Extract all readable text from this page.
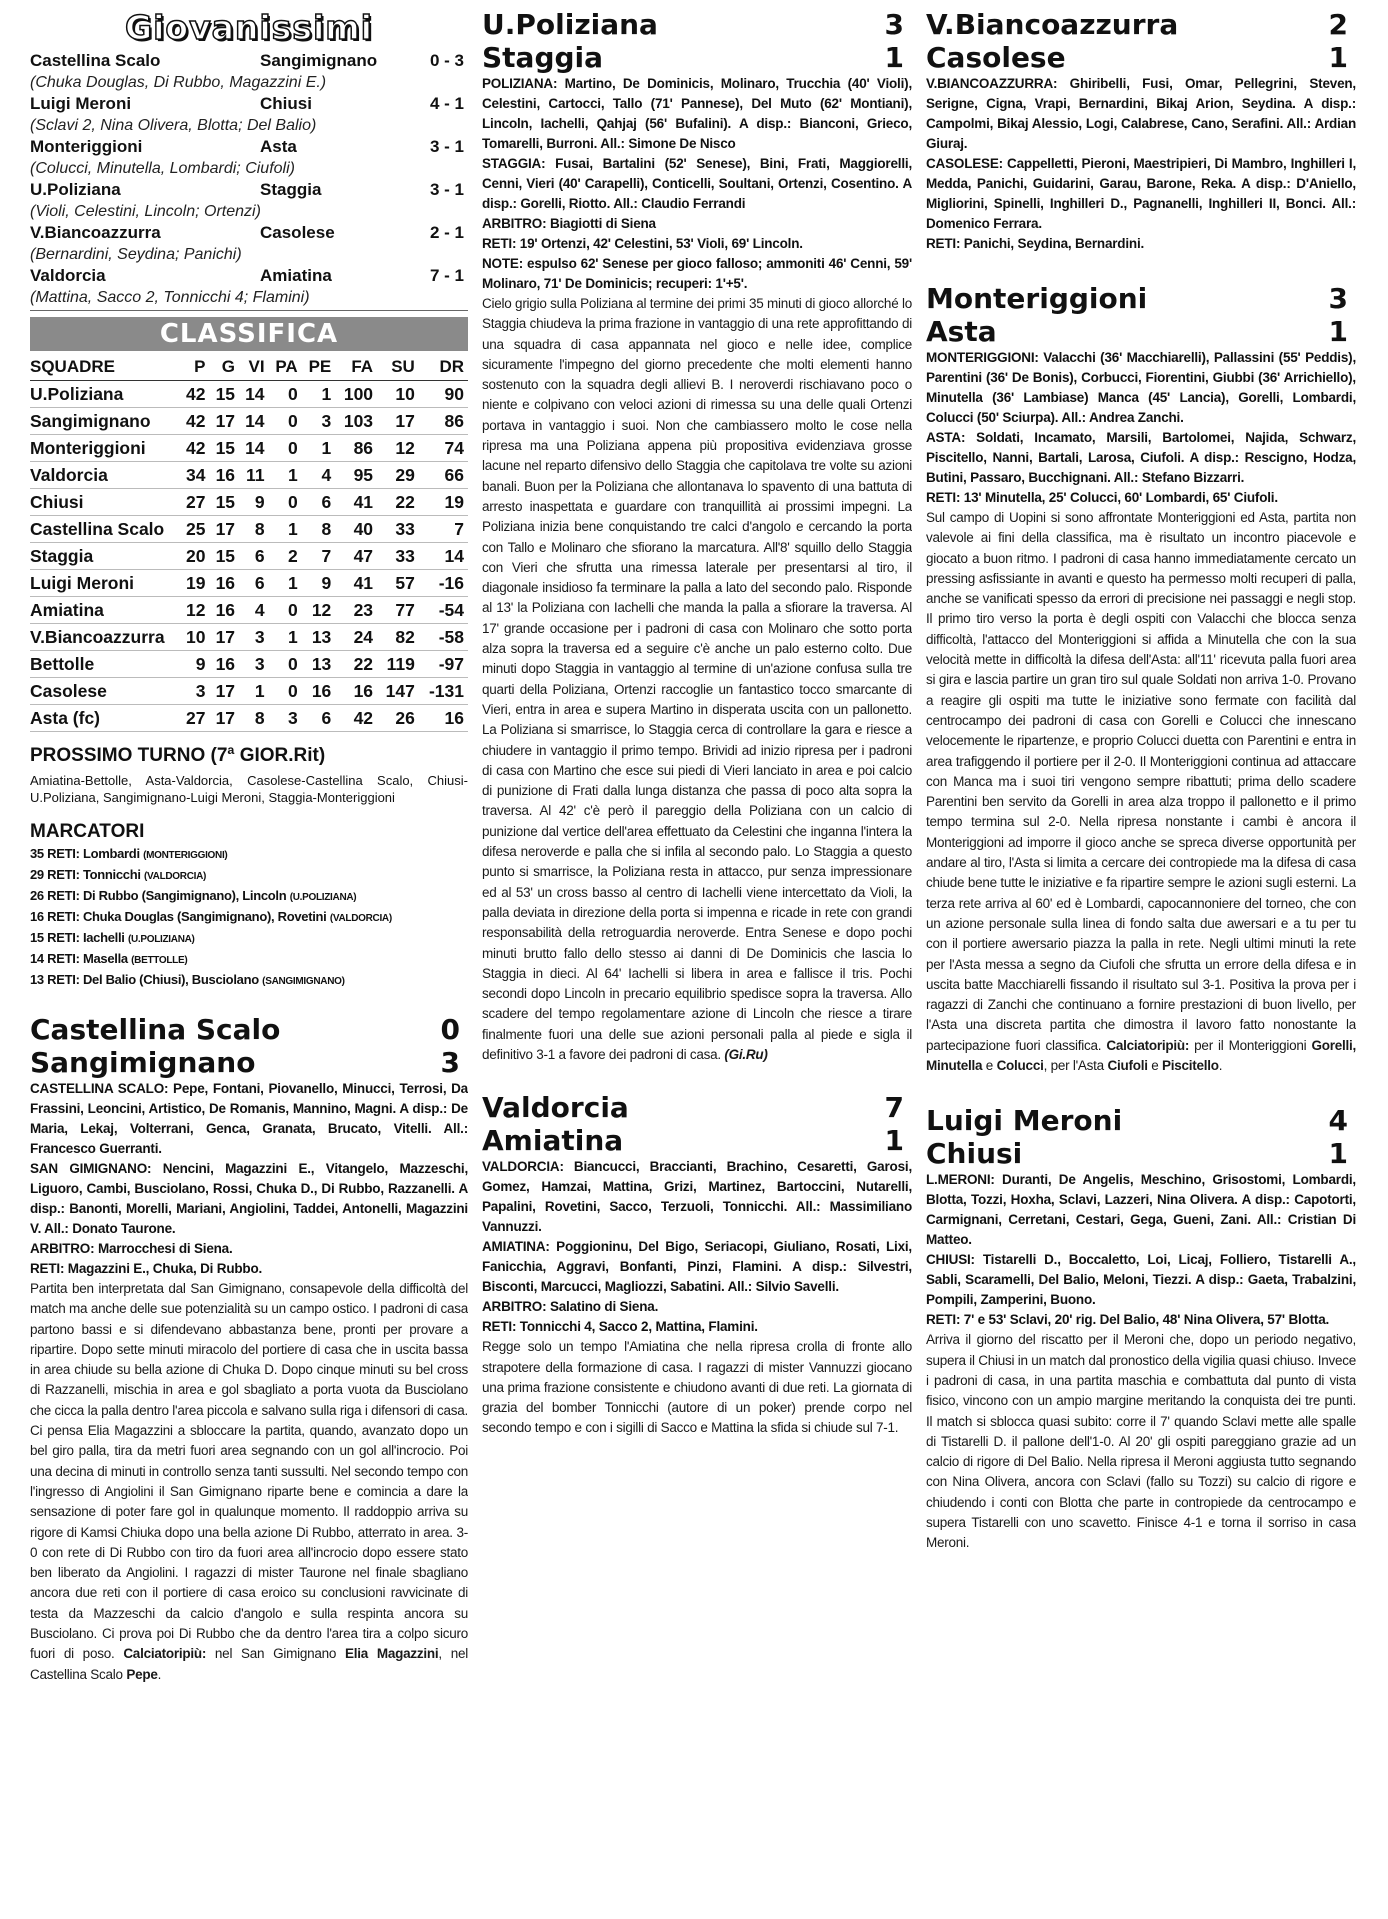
Giovanissimi
Castellina Scalo	Sangimignano	0 - 3
(Chuka Douglas, Di Rubbo, Magazzini E.)
Luigi Meroni	Chiusi	4 - 1
(Sclavi 2, Nina Olivera, Blotta; Del Balio)
Monteriggioni	Asta	3 - 1
(Colucci, Minutella, Lombardi; Ciufoli)
U.Poliziana	Staggia	3 - 1
(Violi, Celestini, Lincoln; Ortenzi)
V.Biancoazzurra	Casolese	2 - 1
(Bernardini, Seydina; Panichi)
Valdorcia	Amiatina	7 - 1
(Mattina, Sacco 2, Tonnicchi 4; Flamini)
CLASSIFICA
SQUADRE	P	G	VI	PA	PE	FA	SU	DR
U.Poliziana	42	15	14	0	1	100	10	90
Sangimignano	42	17	14	0	3	103	17	86
Monteriggioni	42	15	14	0	1	86	12	74
Valdorcia	34	16	11	1	4	95	29	66
Chiusi	27	15	9	0	6	41	22	19
Castellina Scalo	25	17	8	1	8	40	33	7
Staggia	20	15	6	2	7	47	33	14
Luigi Meroni	19	16	6	1	9	41	57	-16
Amiatina	12	16	4	0	12	23	77	-54
V.Biancoazzurra	10	17	3	1	13	24	82	-58
Bettolle	9	16	3	0	13	22	119	-97
Casolese	3	17	1	0	16	16	147	-131
Asta (fc)	27	17	8	3	6	42	26	16
PROSSIMO TURNO (7ª GIOR.Rit)
Amiatina-Bettolle, Asta-Valdorcia, Casolese-Castellina Scalo, Chiusi-U.Poliziana, Sangimignano-Luigi Meroni, Staggia-Monteriggioni
MARCATORI
35 RETI: Lombardi (MONTERIGGIONI)
29 RETI: Tonnicchi (VALDORCIA)
26 RETI: Di Rubbo (Sangimignano), Lincoln (U.POLIZIANA)
16 RETI: Chuka Douglas (Sangimignano), Rovetini (VALDORCIA)
15 RETI: Iachelli (U.POLIZIANA)
14 RETI: Masella (BETTOLLE)
13 RETI: Del Balio (Chiusi), Busciolano (SANGIMIGNANO)
Castellina Scalo	0
Sangimignano	3
CASTELLINA SCALO: Pepe, Fontani, Piovanello, Minucci, Terrosi, Da Frassini, Leoncini, Artistico, De Romanis, Mannino, Magni. A disp.: De Maria, Lekaj, Volterrani, Genca, Granata, Brucato, Vitelli. All.: Francesco Guerranti.
SAN GIMIGNANO: Nencini, Magazzini E., Vitangelo, Mazzeschi, Liguoro, Cambi, Busciolano, Rossi, Chuka D., Di Rubbo, Razzanelli. A disp.: Banonti, Morelli, Mariani, Angiolini, Taddei, Antonelli, Magazzini V. All.: Donato Taurone.
ARBITRO: Marrocchesi di Siena.
RETI: Magazzini E., Chuka, Di Rubbo.
Partita ben interpretata dal San Gimignano, consapevole della difficoltà del match ma anche delle sue potenzialità su un campo ostico. I padroni di casa partono bassi e si difendevano abbastanza bene, pronti per provare a ripartire. Dopo sette minuti miracolo del portiere di casa che in uscita bassa in area chiude su bella azione di Chuka D. Dopo cinque minuti su bel cross di Razzanelli, mischia in area e gol sbagliato a porta vuota da Busciolano che cicca la palla dentro l'area piccola e salvano sulla riga i difensori di casa. Ci pensa Elia Magazzini a sbloccare la partita, quando, avanzato dopo un bel giro palla, tira da metri fuori area segnando con un gol all'incrocio. Poi una decina di minuti in controllo senza tanti sussulti. Nel secondo tempo con l'ingresso di Angiolini il San Gimignano riparte bene e comincia a dare la sensazione di poter fare gol in qualunque momento. Il raddoppio arriva su rigore di Kamsi Chiuka dopo una bella azione Di Rubbo, atterrato in area. 3-0 con rete di Di Rubbo con tiro da fuori area all'incrocio dopo essere stato ben liberato da Angiolini. I ragazzi di mister Taurone nel finale sbagliano ancora due reti con il portiere di casa eroico su conclusioni ravvicinate di testa da Mazzeschi da calcio d'angolo e sulla respinta ancora su Busciolano. Ci prova poi Di Rubbo che da dentro l'area tira a colpo sicuro fuori di poso. Calciatoripiù: nel San Gimignano Elia Magazzini, nel Castellina Scalo Pepe.
U.Poliziana	3
Staggia	1
POLIZIANA: Martino, De Dominicis, Molinaro, Trucchia (40' Violi), Celestini, Cartocci, Tallo (71' Pannese), Del Muto (62' Montiani), Lincoln, Iachelli, Qahjaj (56' Bufalini). A disp.: Bianconi, Grieco, Tomarelli, Burroni. All.: Simone De Nisco
STAGGIA: Fusai, Bartalini (52' Senese), Bini, Frati, Maggiorelli, Cenni, Vieri (40' Carapelli), Conticelli, Soultani, Ortenzi, Cosentino. A disp.: Gorelli, Riotto. All.: Claudio Ferrandi
ARBITRO: Biagiotti di Siena
RETI: 19' Ortenzi, 42' Celestini, 53' Violi, 69' Lincoln.
NOTE: espulso 62' Senese per gioco falloso; ammoniti 46' Cenni, 59' Molinaro, 71' De Dominicis; recuperi: 1'+5'.
Cielo grigio sulla Poliziana al termine dei primi 35 minuti di gioco allorché lo Staggia chiudeva la prima frazione in vantaggio di una rete approfittando di una squadra di casa appannata nel gioco e nelle idee, complice sicuramente l'impegno del giorno precedente che molti elementi hanno sostenuto con la squadra degli allievi B. I neroverdi rischiavano poco o niente e colpivano con veloci azioni di rimessa su una delle quali Ortenzi portava in vantaggio i suoi. Non che cambiassero molto le cose nella ripresa ma una Poliziana appena più propositiva evidenziava grosse lacune nel reparto difensivo dello Staggia che capitolava tre volte su azioni banali. Buon per la Poliziana che allontanava lo spavento di una battuta di arresto inaspettata e guardare con tranquillità ai prossimi impegni. La Poliziana inizia bene conquistando tre calci d'angolo e cercando la porta con Tallo e Molinaro che sfiorano la marcatura. All'8' squillo dello Staggia con Vieri che sfrutta una rimessa laterale per presentarsi al tiro, il diagonale insidioso fa terminare la palla a lato del secondo palo. Risponde al 13' la Poliziana con Iachelli che manda la palla a sfiorare la traversa. Al 17' grande occasione per i padroni di casa con Molinaro che sotto porta alza sopra la traversa ed a seguire c'è anche un palo esterno colto. Due minuti dopo Staggia in vantaggio al termine di un'azione confusa sulla tre quarti della Poliziana, Ortenzi raccoglie un fantastico tocco smarcante di Vieri, entra in area e supera Martino in disperata uscita con un pallonetto. La Poliziana si smarrisce, lo Staggia cerca di controllare la gara e riesce a chiudere in vantaggio il primo tempo. Brividi ad inizio ripresa per i padroni di casa con Martino che esce sui piedi di Vieri lanciato in area e poi calcio di punizione di Frati dalla lunga distanza che passa di poco alta sopra la traversa. Al 42' c'è però il pareggio della Poliziana con un calcio di punizione dal vertice dell'area effettuato da Celestini che inganna l'intera la difesa neroverde e palla che si infila al secondo palo. Lo Staggia a questo punto si smarrisce, la Poliziana resta in attacco, pur senza impressionare ed al 53' un cross basso al centro di Iachelli viene intercettato da Violi, la palla deviata in direzione della porta si impenna e ricade in rete con grandi responsabilità della retroguardia neroverde. Entra Senese e dopo pochi minuti brutto fallo dello stesso ai danni di De Dominicis che lascia lo Staggia in dieci. Al 64' Iachelli si libera in area e fallisce il tris. Pochi secondi dopo Lincoln in precario equilibrio spedisce sopra la traversa. Allo scadere del tempo regolamentare azione di Lincoln che riesce a tirare finalmente fuori una delle sue azioni personali palla al piede e sigla il definitivo 3-1 a favore dei padroni di casa. (Gi.Ru)
Valdorcia	7
Amiatina	1
VALDORCIA: Biancucci, Braccianti, Brachino, Cesaretti, Garosi, Gomez, Hamzai, Mattina, Grizi, Martinez, Bartoccini, Nutarelli, Papalini, Rovetini, Sacco, Terzuoli, Tonnicchi. All.: Massimiliano Vannuzzi.
AMIATINA: Poggioninu, Del Bigo, Seriacopi, Giuliano, Rosati, Lixi, Fanicchia, Aggravi, Bonfanti, Pinzi, Flamini. A disp.: Silvestri, Bisconti, Marcucci, Magliozzi, Sabatini. All.: Silvio Savelli.
ARBITRO: Salatino di Siena.
RETI: Tonnicchi 4, Sacco 2, Mattina, Flamini.
Regge solo un tempo l'Amiatina che nella ripresa crolla di fronte allo strapotere della formazione di casa. I ragazzi di mister Vannuzzi giocano una prima frazione consistente e chiudono avanti di due reti. La giornata di grazia del bomber Tonnicchi (autore di un poker) prende corpo nel secondo tempo e con i sigilli di Sacco e Mattina la sfida si chiude sul 7-1.
V.Biancoazzurra	2
Casolese	1
V.BIANCOAZZURRA: Ghiribelli, Fusi, Omar, Pellegrini, Steven, Serigne, Cigna, Vrapi, Bernardini, Bikaj Arion, Seydina. A disp.: Campolmi, Bikaj Alessio, Logi, Calabrese, Cano, Serafini. All.: Ardian Giuraj.
CASOLESE: Cappelletti, Pieroni, Maestripieri, Di Mambro, Inghilleri I, Medda, Panichi, Guidarini, Garau, Barone, Reka. A disp.: D'Aniello, Migliorini, Spinelli, Inghilleri D., Pagnanelli, Inghilleri II, Bonci. All.: Domenico Ferrara.
RETI: Panichi, Seydina, Bernardini.
Monteriggioni	3
Asta	1
MONTERIGGIONI: Valacchi (36' Macchiarelli), Pallassini (55' Peddis), Parentini (36' De Bonis), Corbucci, Fiorentini, Giubbi (36' Arrichiello), Minutella (36' Lambiase) Manca (45' Lancia), Gorelli, Lombardi, Colucci (50' Sciurpa). All.: Andrea Zanchi.
ASTA: Soldati, Incamato, Marsili, Bartolomei, Najida, Schwarz, Piscitello, Nanni, Bartali, Larosa, Ciufoli. A disp.: Rescigno, Hodza, Butini, Passaro, Bucchignani. All.: Stefano Bizzarri.
RETI: 13' Minutella, 25' Colucci, 60' Lombardi, 65' Ciufoli.
Sul campo di Uopini si sono affrontate Monteriggioni ed Asta, partita non valevole ai fini della classifica, ma è risultato un incontro piacevole e giocato a buon ritmo. I padroni di casa hanno immediatamente cercato un pressing asfissiante in avanti e questo ha permesso molti recuperi di palla, anche se vanificati spesso da errori di precisione nei passaggi e negli stop. Il primo tiro verso la porta è degli ospiti con Valacchi che blocca senza difficoltà, l'attacco del Monteriggioni si affida a Minutella che con la sua velocità mette in difficoltà la difesa dell'Asta: all'11' ricevuta palla fuori area si gira e lascia partire un gran tiro sul quale Soldati non arriva 1-0. Provano a reagire gli ospiti ma tutte le iniziative sono fermate con facilità dal centrocampo dei padroni di casa con Gorelli e Colucci che innescano velocemente le ripartenze, e proprio Colucci duetta con Parentini e entra in area trafiggendo il portiere per il 2-0. Il Monteriggioni continua ad attaccare con Manca ma i suoi tiri vengono sempre ribattuti; prima dello scadere Parentini ben servito da Gorelli in area alza troppo il pallonetto e il primo tempo termina sul 2-0. Nella ripresa nonstante i cambi è ancora il Monteriggioni ad imporre il gioco anche se spreca diverse opportunità per andare al tiro, l'Asta si limita a cercare dei contropiede ma la difesa di casa chiude bene tutte le iniziative e fa ripartire sempre le azioni sugli esterni. La terza rete arriva al 60' ed è Lombardi, capocannoniere del torneo, che con un azione personale sulla linea di fondo salta due awersari e a tu per tu con il portiere awersario piazza la palla in rete. Negli ultimi minuti la rete per l'Asta messa a segno da Ciufoli che sfrutta un errore della difesa e in uscita batte Macchiarelli fissando il risultato sul 3-1. Positiva la prova per i ragazzi di Zanchi che continuano a fornire prestazioni di buon livello, per l'Asta una discreta partita che dimostra il lavoro fatto nonostante la partecipazione fuori classifica. Calciatoripiù: per il Monteriggioni Gorelli, Minutella e Colucci, per l'Asta Ciufoli e Piscitello.
Luigi Meroni	4
Chiusi	1
L.MERONI: Duranti, De Angelis, Meschino, Grisostomi, Lombardi, Blotta, Tozzi, Hoxha, Sclavi, Lazzeri, Nina Olivera. A disp.: Capotorti, Carmignani, Cerretani, Cestari, Gega, Gueni, Zani. All.: Cristian Di Matteo.
CHIUSI: Tistarelli D., Boccaletto, Loi, Licaj, Folliero, Tistarelli A., Sabli, Scaramelli, Del Balio, Meloni, Tiezzi. A disp.: Gaeta, Trabalzini, Pompili, Zamperini, Buono.
RETI: 7' e 53' Sclavi, 20' rig. Del Balio, 48' Nina Olivera, 57' Blotta.
Arriva il giorno del riscatto per il Meroni che, dopo un periodo negativo, supera il Chiusi in un match dal pronostico della vigilia quasi chiuso. Invece i padroni di casa, in una partita maschia e combattuta dal punto di vista fisico, vincono con un ampio margine meritando la conquista dei tre punti. Il match si sblocca quasi subito: corre il 7' quando Sclavi mette alle spalle di Tistarelli D. il pallone dell'1-0. Al 20' gli ospiti pareggiano grazie ad un calcio di rigore di Del Balio. Nella ripresa il Meroni aggiusta tutto segnando con Nina Olivera, ancora con Sclavi (fallo su Tozzi) su calcio di rigore e chiudendo i conti con Blotta che parte in contropiede da centrocampo e supera Tistarelli con uno scavetto. Finisce 4-1 e torna il sorriso in casa Meroni.
